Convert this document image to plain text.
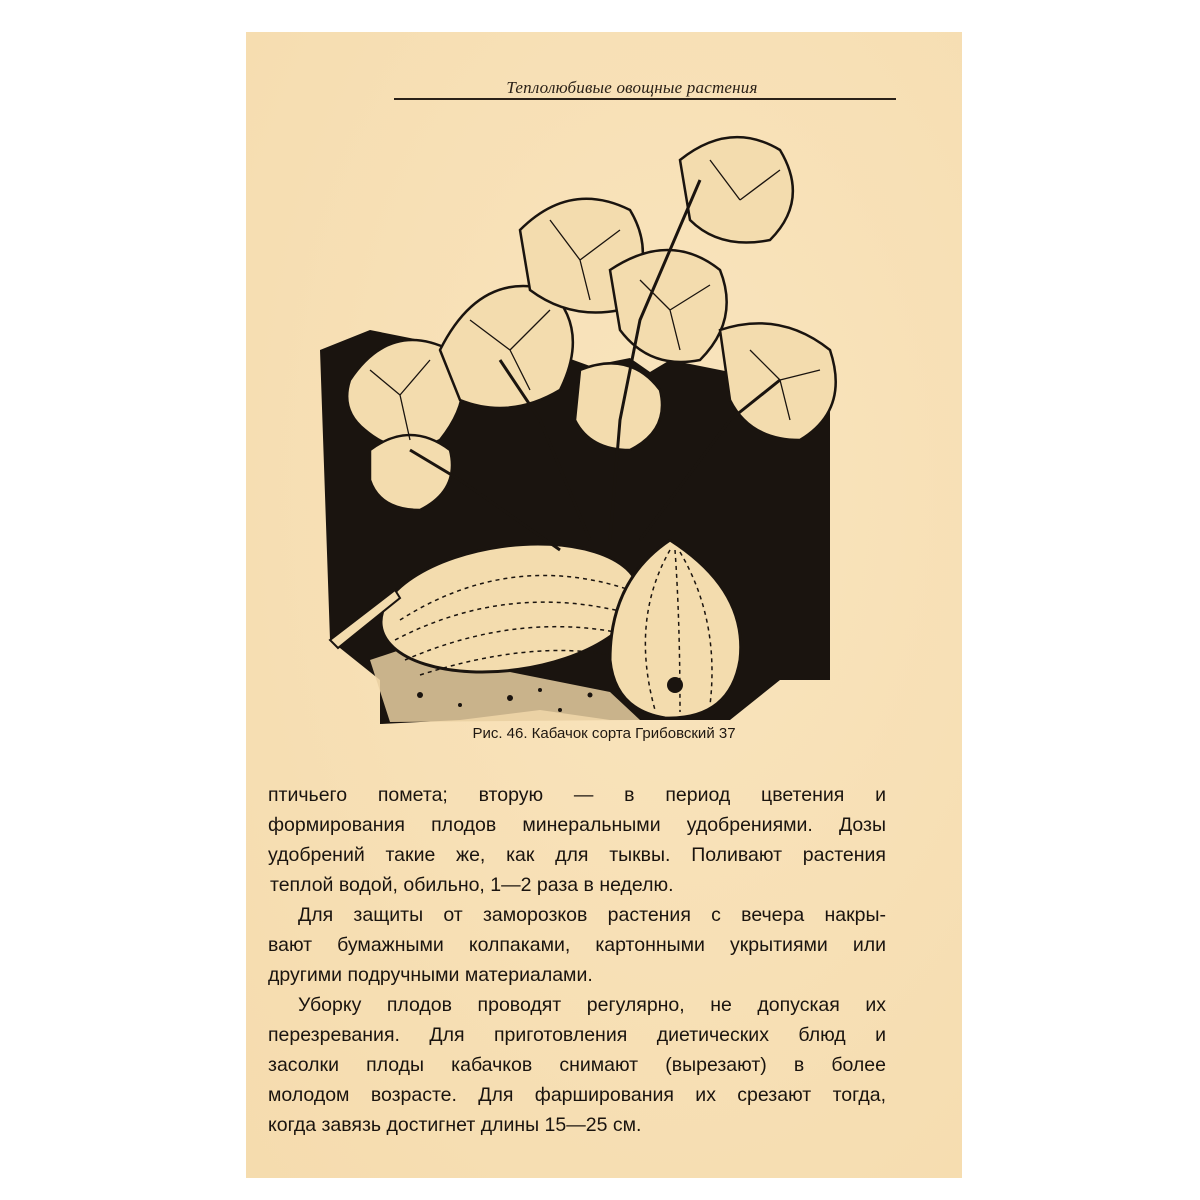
Теплолюбивые овощные растения
Рис. 46. Кабачок сорта Грибовский 37

птичьего помета; вторую — в период цветения и
формирования плодов минеральными удобрениями. Дозы
удобрений такие же, как для тыквы. Поливают растения
теплой водой, обильно, 1—2 раза в неделю.

Для защиты от заморозков растения с вечера накры-
вают бумажными колпаками, картонными укрытиями или
другими подручными материалами.

Уборку плодов проводят регулярно, не допуская их
перезревания. Для приготовления диетических блюд и
засолки плоды кабачков снимают (вырезают) в более
молодом возрасте. Для фарширования их срезают тогда,
когда завязь достигнет длины 15—25 см.
